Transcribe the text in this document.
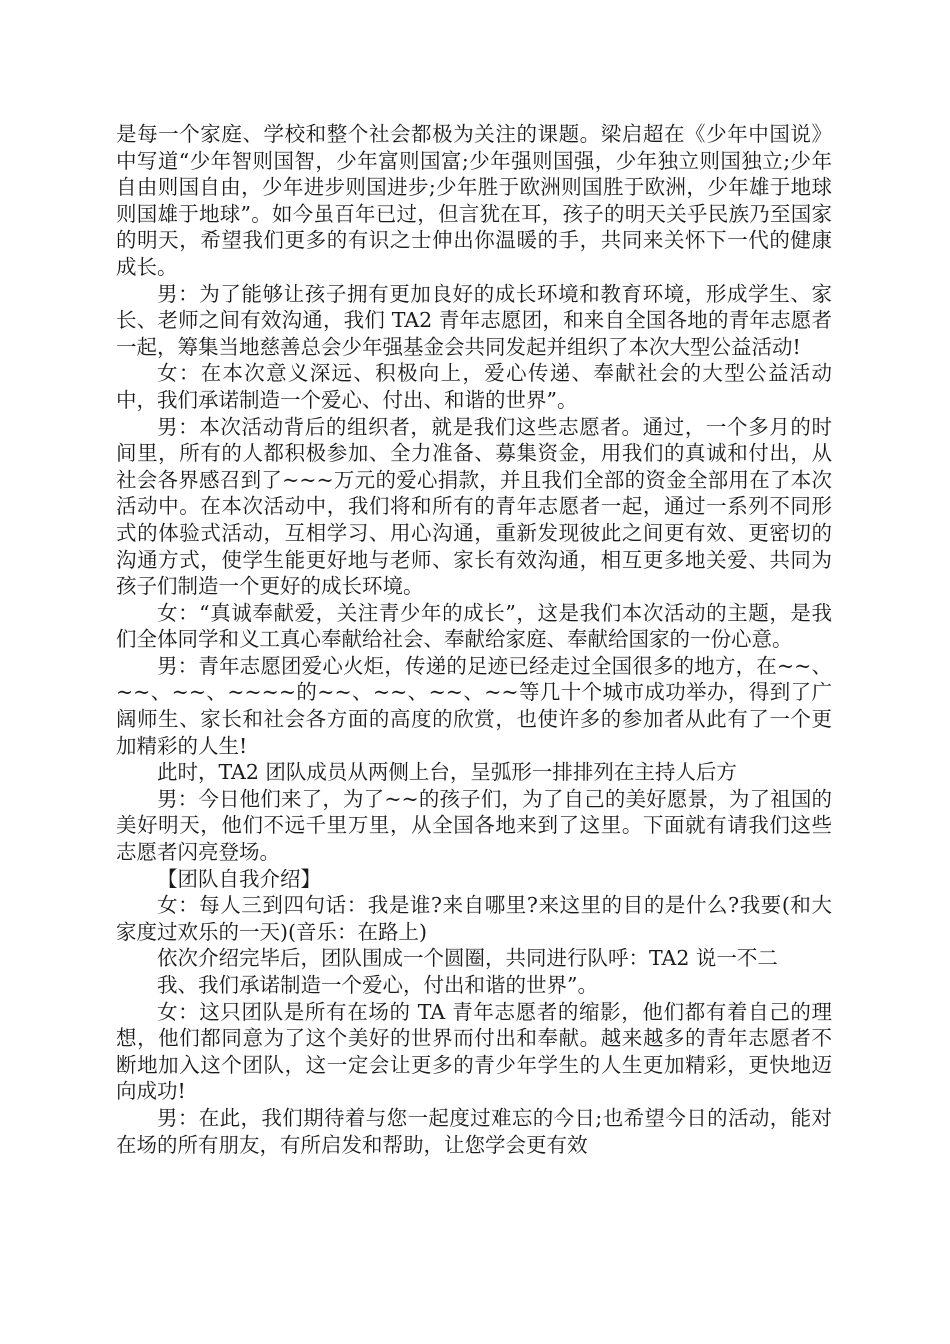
是每一个家庭、学校和整个社会都极为关注的课题。梁启超在《少年中国说》中写道“少年智则国智，少年富则国富;少年强则国强，少年独立则国独立;少年自由则国自由，少年进步则国进步;少年胜于欧洲则国胜于欧洲，少年雄于地球则国雄于地球”。如今虽百年已过，但言犹在耳，孩子的明天关乎民族乃至国家的明天，希望我们更多的有识之士伸出你温暖的手，共同来关怀下一代的健康成长。

男：为了能够让孩子拥有更加良好的成长环境和教育环境，形成学生、家长、老师之间有效沟通，我们 TA2 青年志愿团，和来自全国各地的青年志愿者一起，筹集当地慈善总会少年强基金会共同发起并组织了本次大型公益活动!

女：在本次意义深远、积极向上，爱心传递、奉献社会的大型公益活动中，我们承诺制造一个爱心、付出、和谐的世界”。

男：本次活动背后的组织者，就是我们这些志愿者。通过，一个多月的时间里，所有的人都积极参加、全力准备、募集资金，用我们的真诚和付出，从社会各界感召到了~~~万元的爱心捐款，并且我们全部的资金全部用在了本次活动中。在本次活动中，我们将和所有的青年志愿者一起，通过一系列不同形式的体验式活动，互相学习、用心沟通，重新发现彼此之间更有效、更密切的沟通方式，使学生能更好地与老师、家长有效沟通，相互更多地关爱、共同为孩子们制造一个更好的成长环境。

女：“真诚奉献爱，关注青少年的成长”，这是我们本次活动的主题，是我们全体同学和义工真心奉献给社会、奉献给家庭、奉献给国家的一份心意。

男：青年志愿团爱心火炬，传递的足迹已经走过全国很多的地方，在~~、~~、~~、~~~~的~~、~~、~~、~~等几十个城市成功举办，得到了广阔师生、家长和社会各方面的高度的欣赏，也使许多的参加者从此有了一个更加精彩的人生!

此时，TA2 团队成员从两侧上台，呈弧形一排排列在主持人后方

男：今日他们来了，为了~~的孩子们，为了自己的美好愿景，为了祖国的美好明天，他们不远千里万里，从全国各地来到了这里。下面就有请我们这些志愿者闪亮登场。

【团队自我介绍】

女：每人三到四句话：我是谁?来自哪里?来这里的目的是什么?我要(和大家度过欢乐的一天)(音乐：在路上)

依次介绍完毕后，团队围成一个圆圈，共同进行队呼：TA2 说一不二

我、我们承诺制造一个爱心，付出和谐的世界”。

女：这只团队是所有在场的 TA 青年志愿者的缩影，他们都有着自己的理想，他们都同意为了这个美好的世界而付出和奉献。越来越多的青年志愿者不断地加入这个团队，这一定会让更多的青少年学生的人生更加精彩，更快地迈向成功!

男：在此，我们期待着与您一起度过难忘的今日;也希望今日的活动，能对在场的所有朋友，有所启发和帮助，让您学会更有效
